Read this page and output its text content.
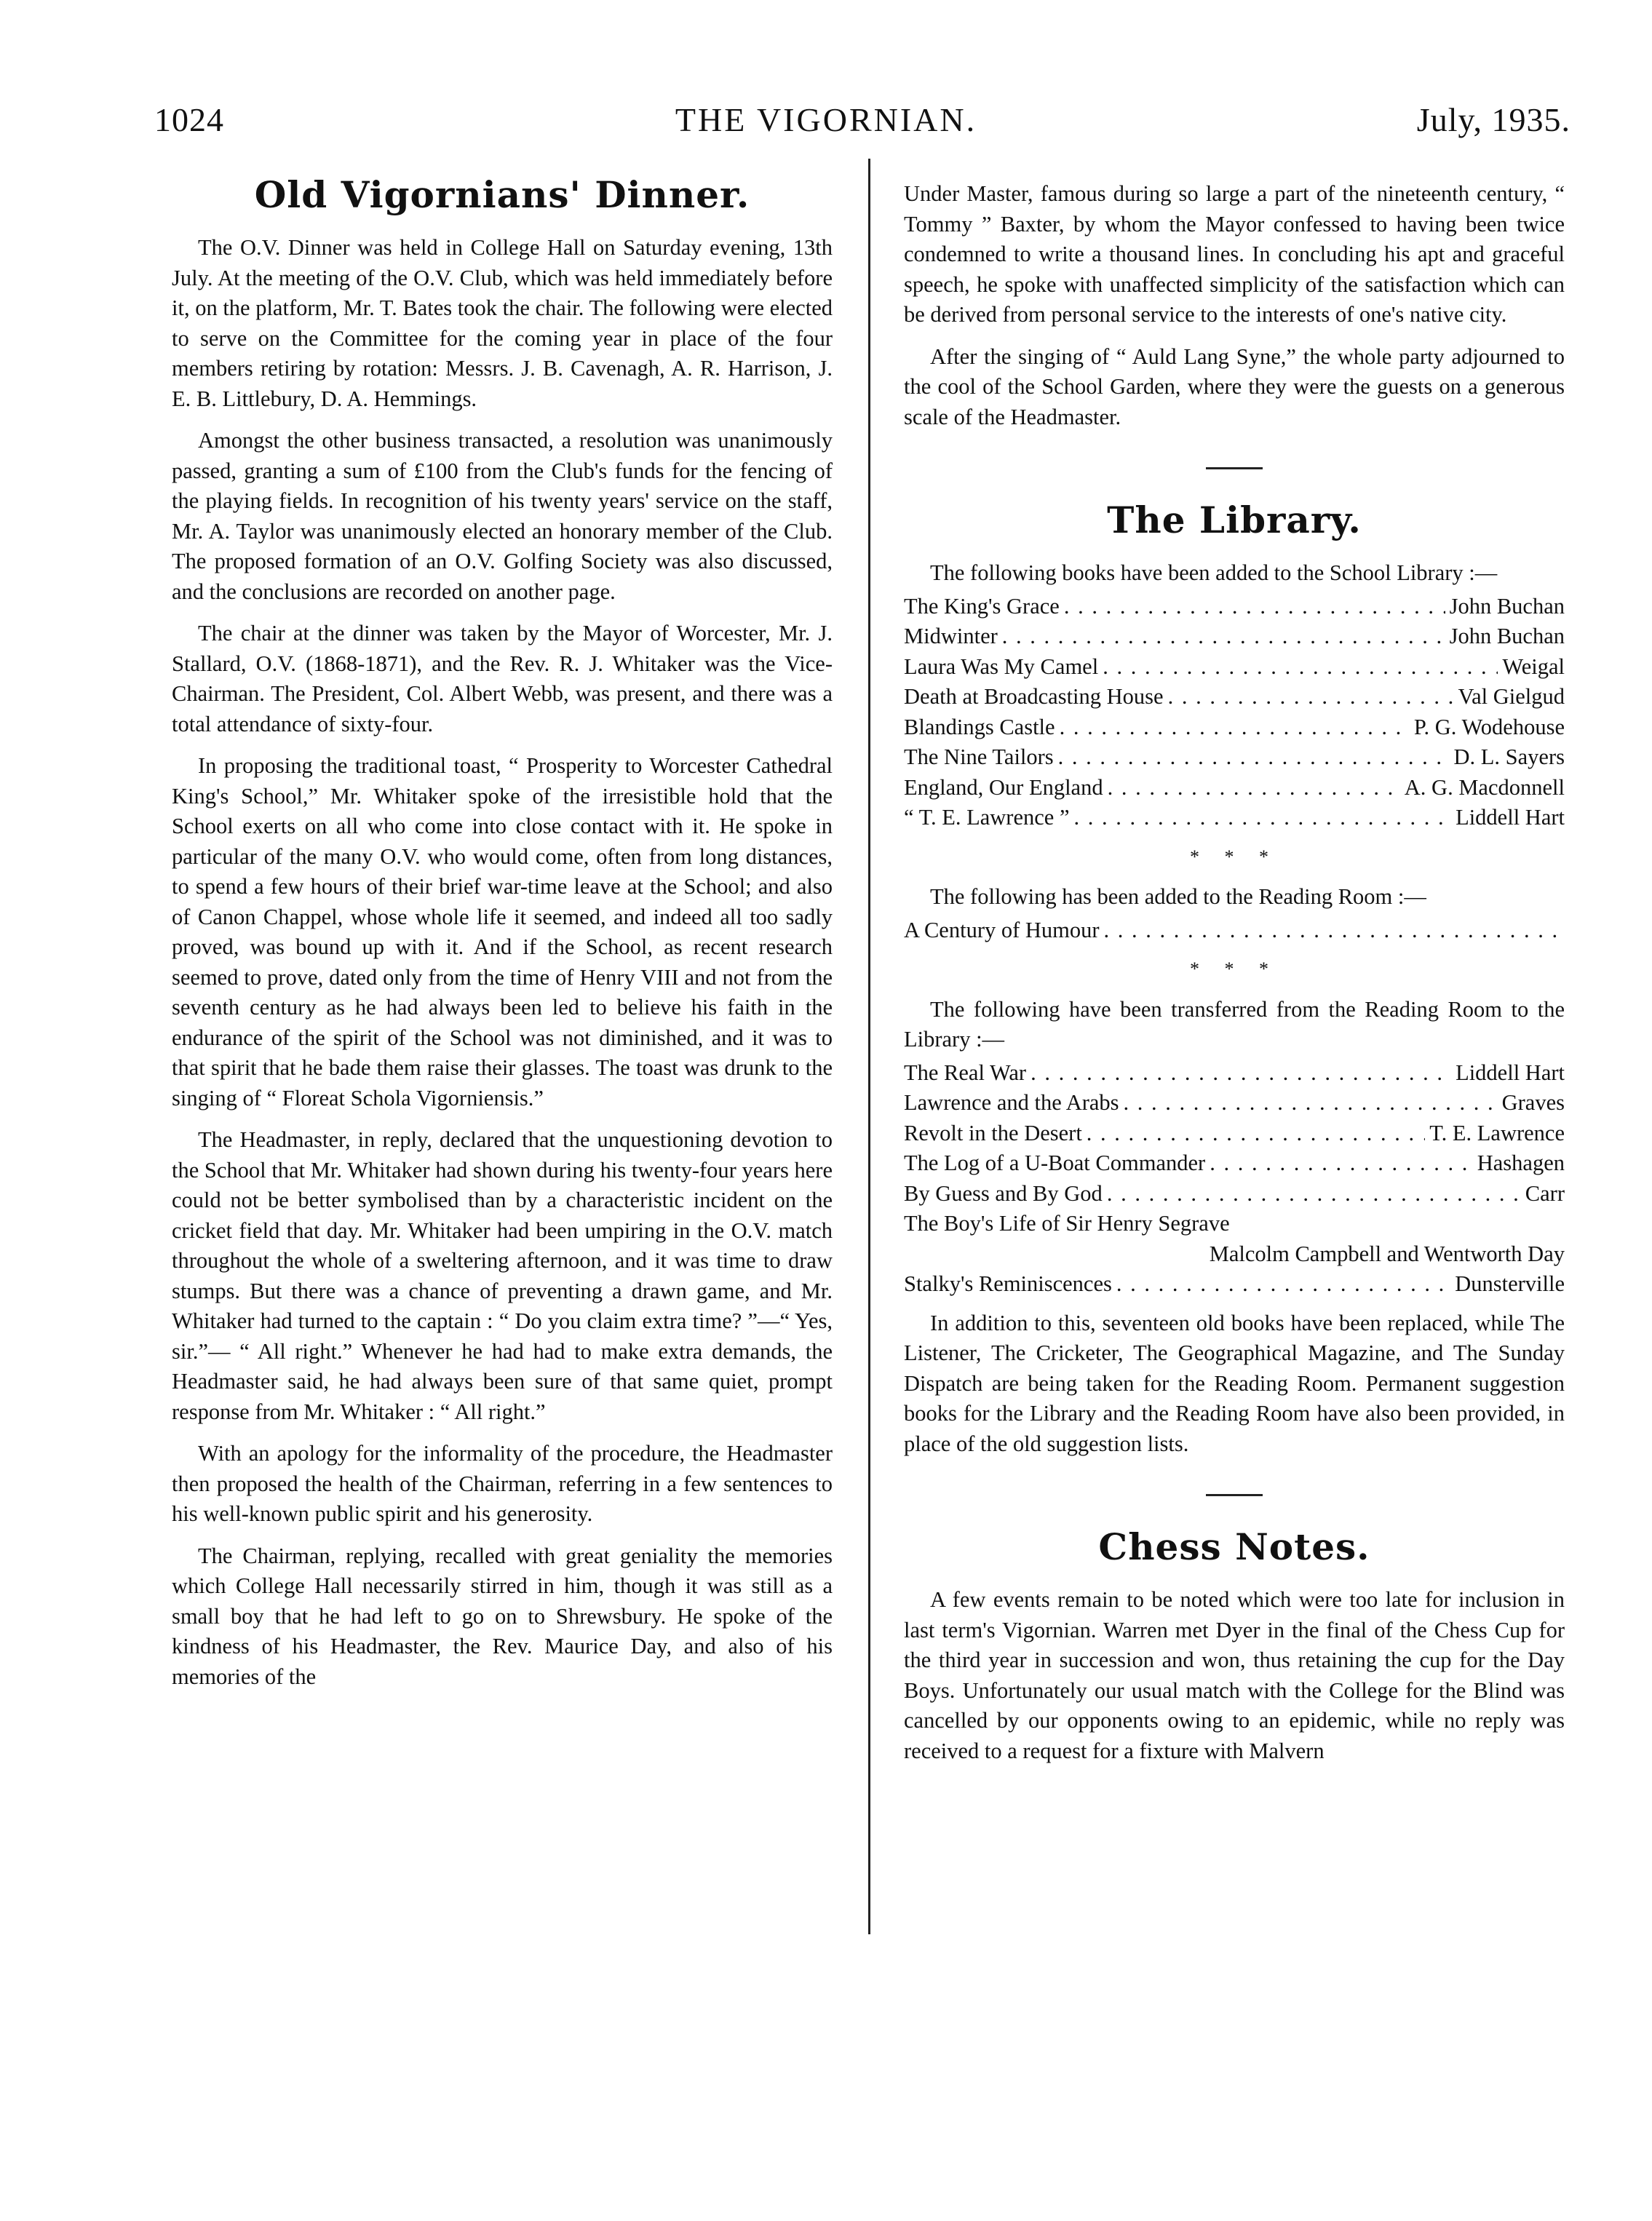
1024	THE VIGORNIAN.	July, 1935.
Old Vigornians' Dinner.

The O.V. Dinner was held in College Hall on Saturday evening, 13th July. At the meeting of the O.V. Club, which was held immediately before it, on the platform, Mr. T. Bates took the chair. The following were elected to serve on the Committee for the coming year in place of the four members retiring by rotation: Messrs. J. B. Cavenagh, A. R. Harrison, J. E. B. Littlebury, D. A. Hemmings.

Amongst the other business transacted, a resolution was unanimously passed, granting a sum of £100 from the Club's funds for the fencing of the playing fields. In recognition of his twenty years' service on the staff, Mr. A. Taylor was unanimously elected an honorary member of the Club. The proposed formation of an O.V. Golfing Society was also discussed, and the conclusions are recorded on another page.

The chair at the dinner was taken by the Mayor of Worcester, Mr. J. Stallard, O.V. (1868-1871), and the Rev. R. J. Whitaker was the Vice-Chairman. The President, Col. Albert Webb, was present, and there was a total attendance of sixty-four.

In proposing the traditional toast, “ Prosperity to Worcester Cathedral King's School,” Mr. Whitaker spoke of the irresistible hold that the School exerts on all who come into close contact with it. He spoke in particular of the many O.V. who would come, often from long distances, to spend a few hours of their brief war-time leave at the School; and also of Canon Chappel, whose whole life it seemed, and indeed all too sadly proved, was bound up with it. And if the School, as recent research seemed to prove, dated only from the time of Henry VIII and not from the seventh century as he had always been led to believe his faith in the endurance of the spirit of the School was not diminished, and it was to that spirit that he bade them raise their glasses. The toast was drunk to the singing of “ Floreat Schola Vigorniensis.”

The Headmaster, in reply, declared that the unquestioning devotion to the School that Mr. Whitaker had shown during his twenty-four years here could not be better symbolised than by a characteristic incident on the cricket field that day. Mr. Whitaker had been umpiring in the O.V. match throughout the whole of a sweltering afternoon, and it was time to draw stumps. But there was a chance of preventing a drawn game, and Mr. Whitaker had turned to the captain : “ Do you claim extra time? ”—“ Yes, sir.”— “ All right.” Whenever he had had to make extra demands, the Headmaster said, he had always been sure of that same quiet, prompt response from Mr. Whitaker : “ All right.”

With an apology for the informality of the procedure, the Headmaster then proposed the health of the Chairman, referring in a few sentences to his well-known public spirit and his generosity.

The Chairman, replying, recalled with great geniality the memories which College Hall necessarily stirred in him, though it was still as a small boy that he had left to go on to Shrewsbury. He spoke of the kindness of his Headmaster, the Rev. Maurice Day, and also of his memories of the

Under Master, famous during so large a part of the nineteenth century, “ Tommy ” Baxter, by whom the Mayor confessed to having been twice condemned to write a thousand lines. In concluding his apt and graceful speech, he spoke with unaffected simplicity of the satisfaction which can be derived from personal service to the interests of one's native city.

After the singing of “ Auld Lang Syne,” the whole party adjourned to the cool of the School Garden, where they were the guests on a generous scale of the Headmaster.

The Library.
The following books have been added to the School Library :—
The King's Grace . . .	John Buchan
Midwinter . . .	John Buchan
Laura Was My Camel . . .	Weigal
Death at Broadcasting House . . .	Val Gielgud
Blandings Castle . . .	P. G. Wodehouse
The Nine Tailors . . .	D. L. Sayers
England, Our England . . .	A. G. Macdonnell
“ T. E. Lawrence ” . . .	Liddell Hart
* * *
The following has been added to the Reading Room :—
A Century of Humour
. . .
* * *
The following have been transferred from the Reading Room to the Library :—
The Real War . . .	Liddell Hart
Lawrence and the Arabs . . .	Graves
Revolt in the Desert . . .	T. E. Lawrence
The Log of a U-Boat Commander . . .	Hashagen
By Guess and By God . . .	Carr
The Boy's Life of Sir Henry Segrave
Malcolm Campbell and Wentworth Day
Stalky's Reminiscences . . .	Dunsterville

In addition to this, seventeen old books have been replaced, while The Listener, The Cricketer, The Geographical Magazine, and The Sunday Dispatch are being taken for the Reading Room. Permanent suggestion books for the Library and the Reading Room have also been provided, in place of the old suggestion lists.

Chess Notes.

A few events remain to be noted which were too late for inclusion in last term's Vigornian. Warren met Dyer in the final of the Chess Cup for the third year in succession and won, thus retaining the cup for the Day Boys. Unfortunately our usual match with the College for the Blind was cancelled by our opponents owing to an epidemic, while no reply was received to a request for a fixture with Malvern
